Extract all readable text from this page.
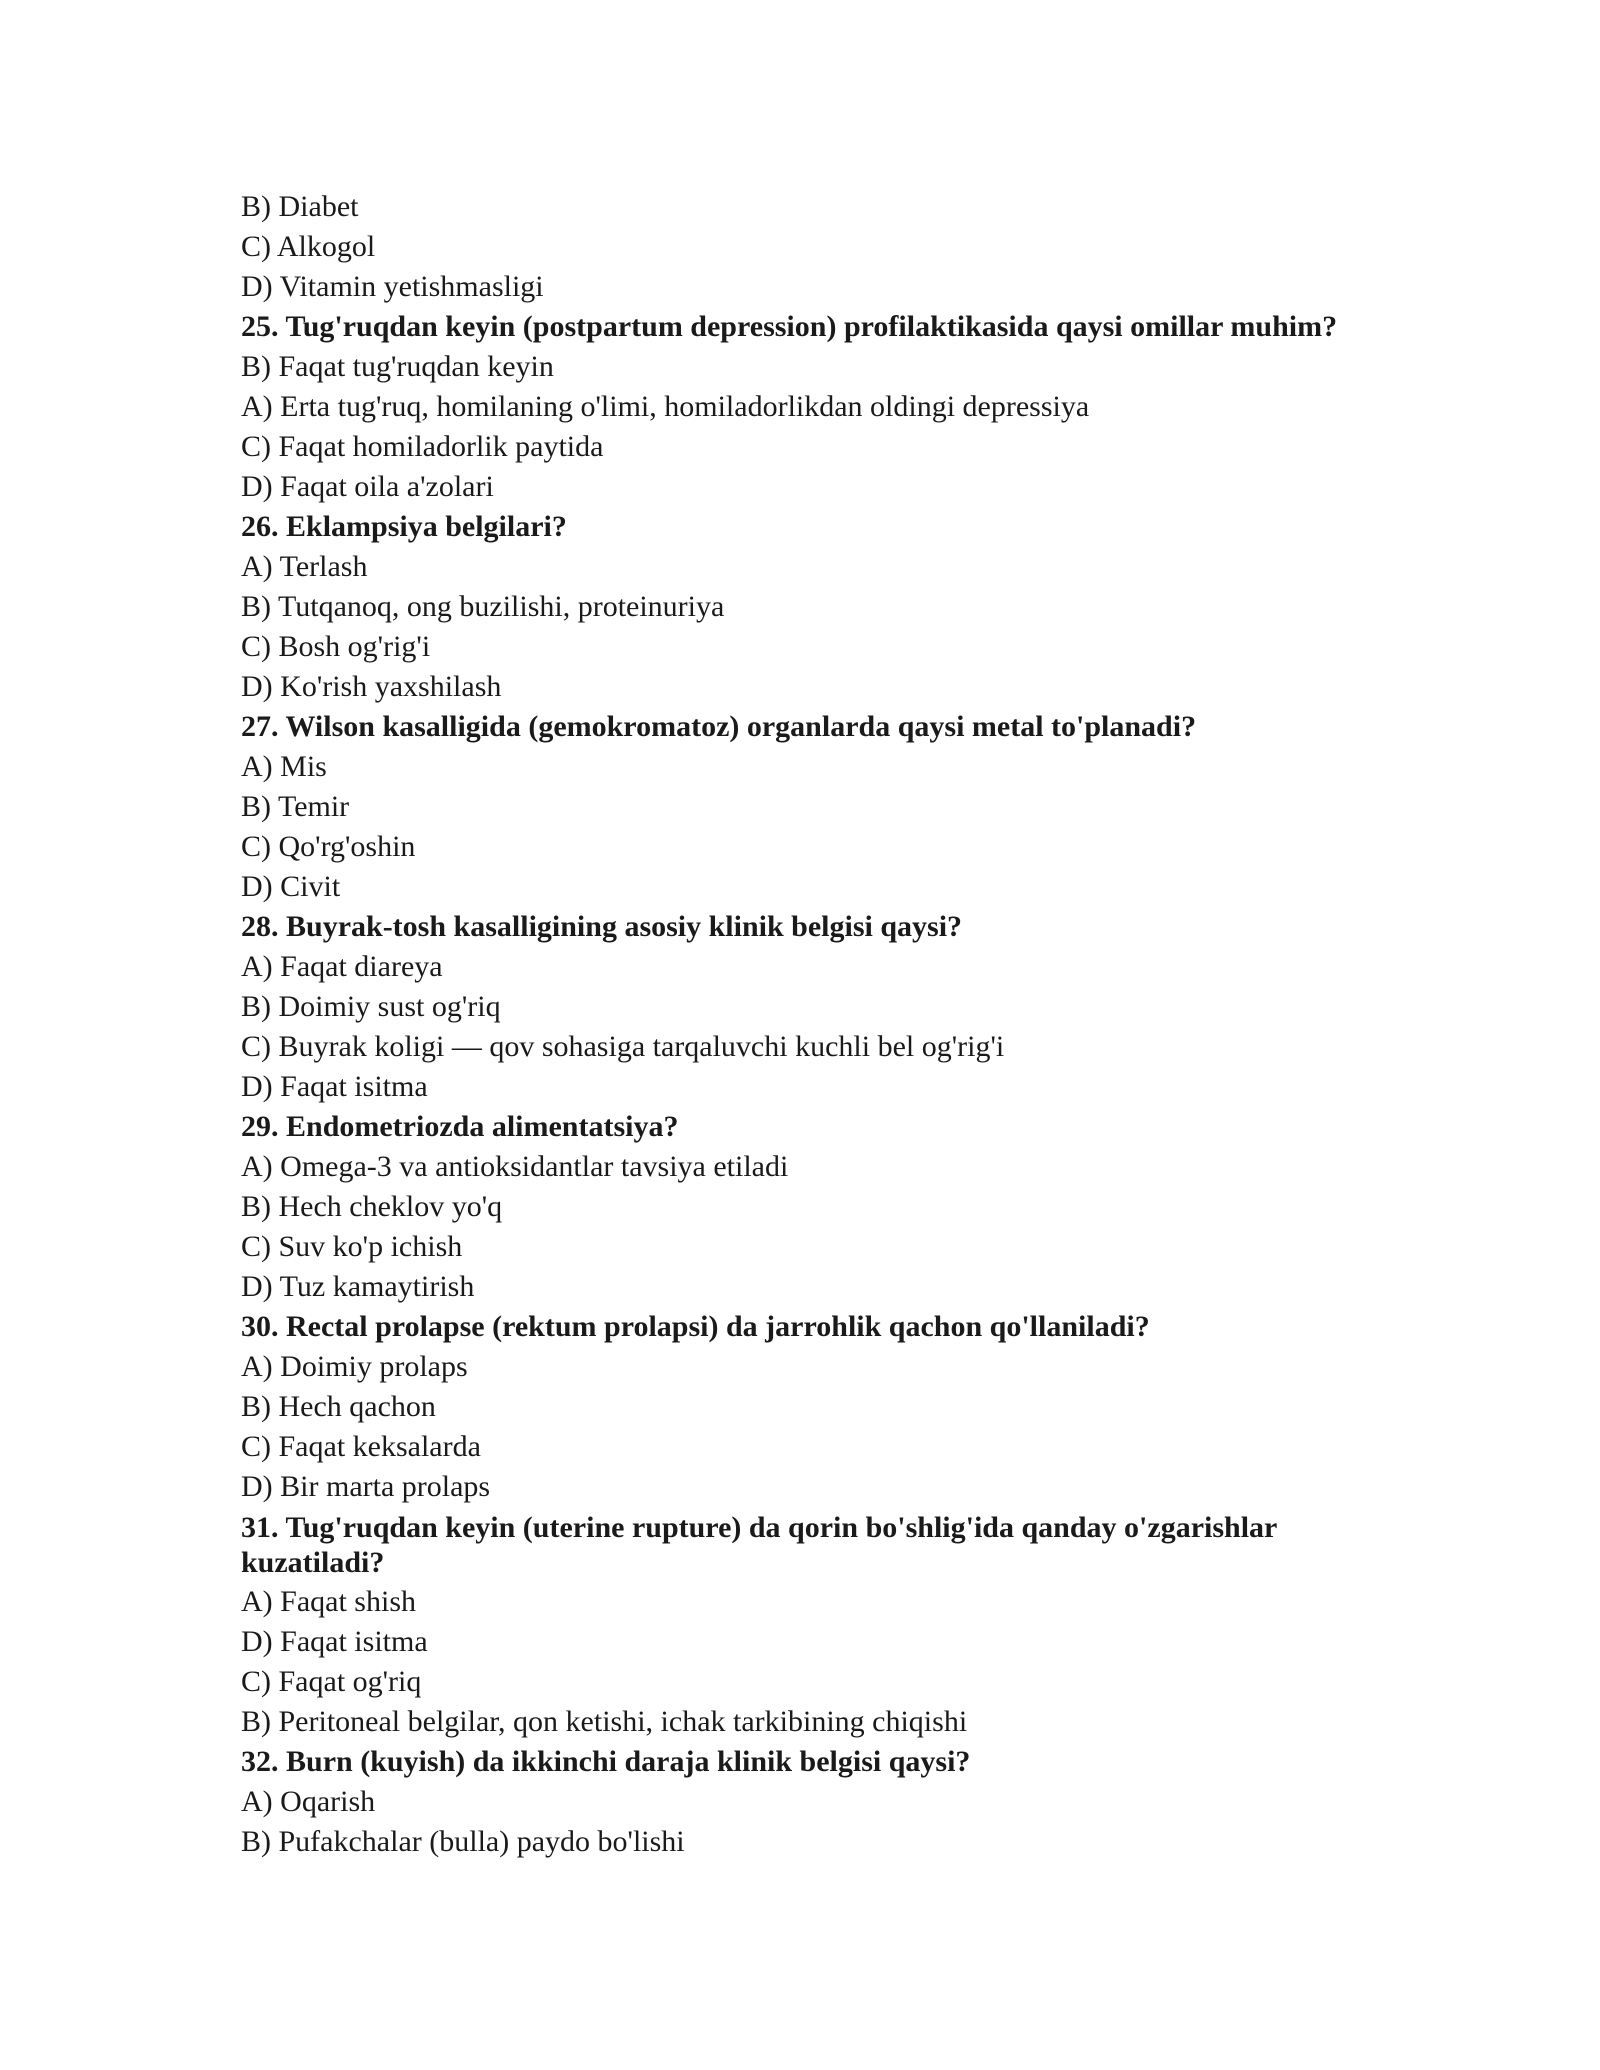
B) Diabet
C) Alkogol
D) Vitamin yetishmasligi
25. Tug'ruqdan keyin (postpartum depression) profilaktikasida qaysi omillar muhim?
B) Faqat tug'ruqdan keyin
A) Erta tug'ruq, homilaning o'limi, homiladorlikdan oldingi depressiya
C) Faqat homiladorlik paytida
D) Faqat oila a'zolari
26. Eklampsiya belgilari?
A) Terlash
B) Tutqanoq, ong buzilishi, proteinuriya
C) Bosh og'rig'i
D) Ko'rish yaxshilash
27. Wilson kasalligida (gemokromatoz) organlarda qaysi metal to'planadi?
A) Mis
B) Temir
C) Qo'rg'oshin
D) Civit
28. Buyrak-tosh kasalligining asosiy klinik belgisi qaysi?
A) Faqat diareya
B) Doimiy sust og'riq
C) Buyrak koligi — qov sohasiga tarqaluvchi kuchli bel og'rig'i
D) Faqat isitma
29. Endometriozda alimentatsiya?
A) Omega-3 va antioksidantlar tavsiya etiladi
B) Hech cheklov yo'q
C) Suv ko'p ichish
D) Tuz kamaytirish
30. Rectal prolapse (rektum prolapsi) da jarrohlik qachon qo'llaniladi?
A) Doimiy prolaps
B) Hech qachon
C) Faqat keksalarda
D) Bir marta prolaps
31. Tug'ruqdan keyin (uterine rupture) da qorin bo'shlig'ida qanday o'zgarishlar kuzatiladi?
A) Faqat shish
D) Faqat isitma
C) Faqat og'riq
B) Peritoneal belgilar, qon ketishi, ichak tarkibining chiqishi
32. Burn (kuyish) da ikkinchi daraja klinik belgisi qaysi?
A) Oqarish
B) Pufakchalar (bulla) paydo bo'lishi
